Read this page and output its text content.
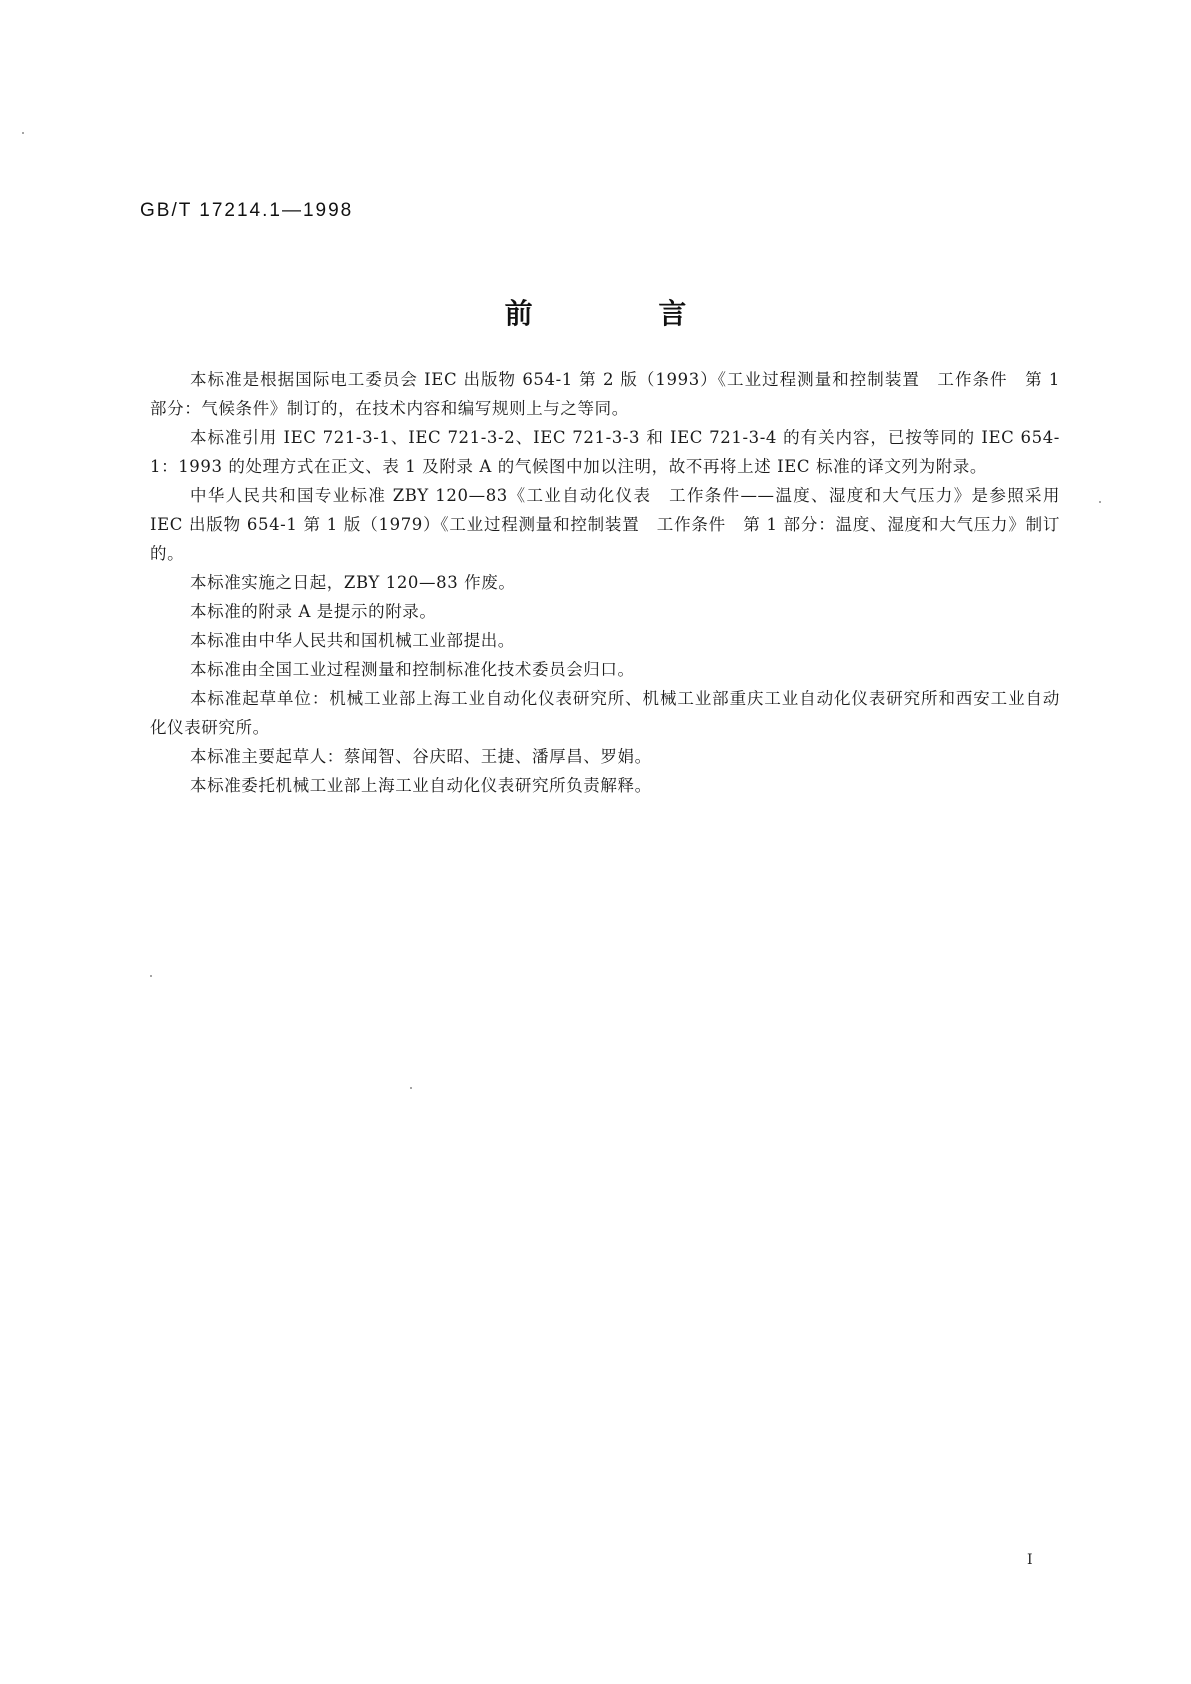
GB/T 17214.1—1998
前 言

本标准是根据国际电工委员会 IEC 出版物 654-1 第 2 版（1993）《工业过程测量和控制装置　工作条件　第 1 部分：气候条件》制订的，在技术内容和编写规则上与之等同。

本标准引用 IEC 721-3-1、IEC 721-3-2、IEC 721-3-3 和 IEC 721-3-4 的有关内容，已按等同的 IEC 654-1：1993 的处理方式在正文、表 1 及附录 A 的气候图中加以注明，故不再将上述 IEC 标准的译文列为附录。

中华人民共和国专业标准 ZBY 120—83《工业自动化仪表　工作条件——温度、湿度和大气压力》是参照采用 IEC 出版物 654-1 第 1 版（1979）《工业过程测量和控制装置　工作条件　第 1 部分：温度、湿度和大气压力》制订的。

本标准实施之日起，ZBY 120—83 作废。

本标准的附录 A 是提示的附录。

本标准由中华人民共和国机械工业部提出。

本标准由全国工业过程测量和控制标准化技术委员会归口。

本标准起草单位：机械工业部上海工业自动化仪表研究所、机械工业部重庆工业自动化仪表研究所和西安工业自动化仪表研究所。

本标准主要起草人：蔡闻智、谷庆昭、王捷、潘厚昌、罗娟。

本标准委托机械工业部上海工业自动化仪表研究所负责解释。

I
